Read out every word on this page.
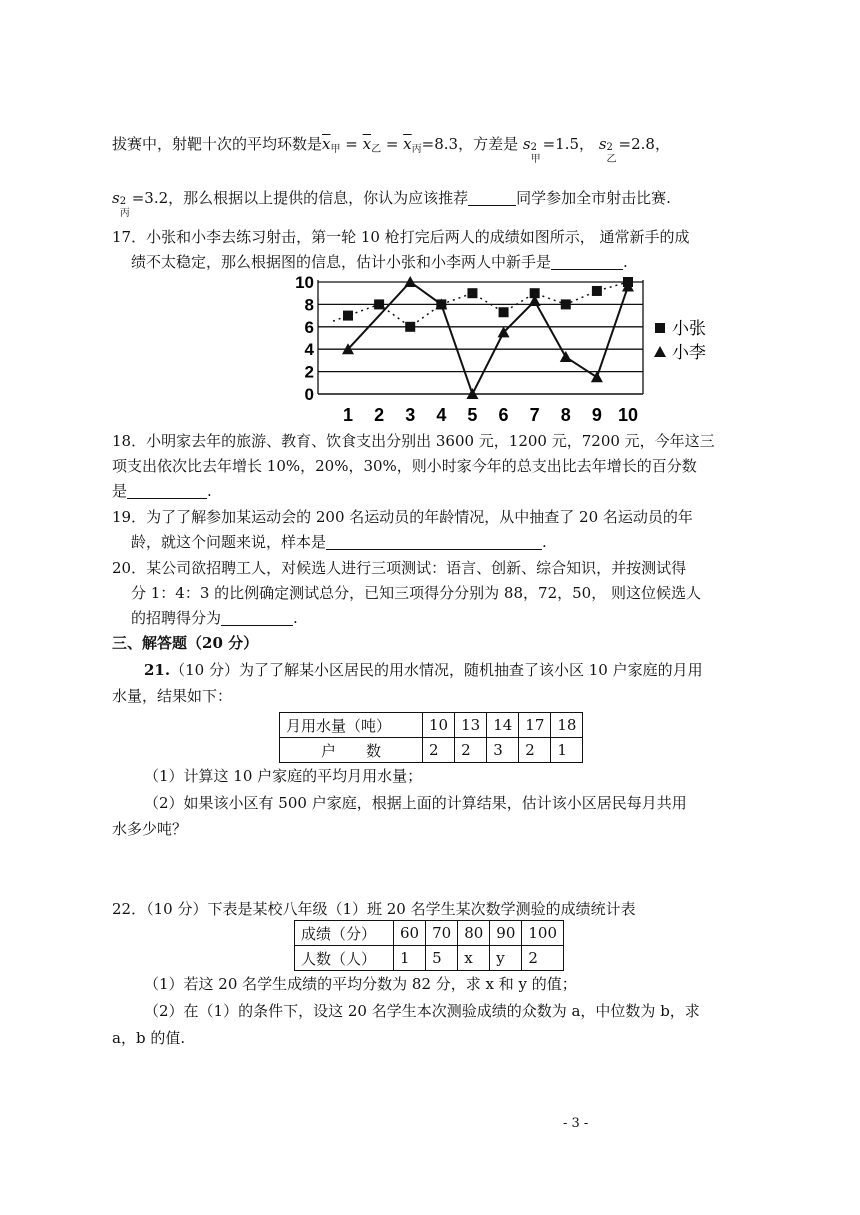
拔赛中，射靶十次的平均环数是$\overline{x}_甲 = \overline{x}_乙 = \overline{x}_丙=8.3$，方差是 s 2
甲
=1.5， s 2
乙
=2.8，
s 2
丙
=3.2，那么根据以上提供的信息，你认为应该推荐	同学参加全市射击比赛.
17．小张和小李去练习射击，第一轮 10 枪打完后两人的成绩如图所示， 通常新手的成
绩不太稳定，那么根据图的信息，估计小张和小李两人中新手是	.
0
2
4
6
8
10
1 2 3 4 5 6 7 8 9 10
小张
小李
18．小明家去年的旅游、教育、饮食支出分别出 3600 元，1200 元，7200 元，今年这三
项支出依次比去年增长 10%，20%，30%，则小时家今年的总支出比去年增长的百分数
是	.
19．为了了解参加某运动会的 200 名运动员的年龄情况，从中抽查了 20 名运动员的年
龄，就这个问题来说，样本是	.
20．某公司欲招聘工人，对候选人进行三项测试：语言、创新、综合知识，并按测试得
分 1：4：3 的比例确定测试总分，已知三项得分分别为 88，72，50， 则这位候选人
的招聘得分为	.
三、解答题（20 分）
21.（10 分）为了了解某小区居民的用水情况，随机抽查了该小区 10 户家庭的月用
水量，结果如下：
月用水量（吨）	10	13	14	17	18
户　　数	2	2	3	2	1
（1）计算这 10 户家庭的平均月用水量；
（2）如果该小区有 500 户家庭，根据上面的计算结果，估计该小区居民每月共用
水多少吨？
22．（10 分）下表是某校八年级（1）班 20 名学生某次数学测验的成绩统计表
成绩（分）	60	70	80	90	100
人数（人）	1	5	x	y	2
（1）若这 20 名学生成绩的平均分数为 82 分，求 x 和 y 的值；
（2）在（1）的条件下，设这 20 名学生本次测验成绩的众数为 a，中位数为 b，求
a，b 的值.
- 3 -
